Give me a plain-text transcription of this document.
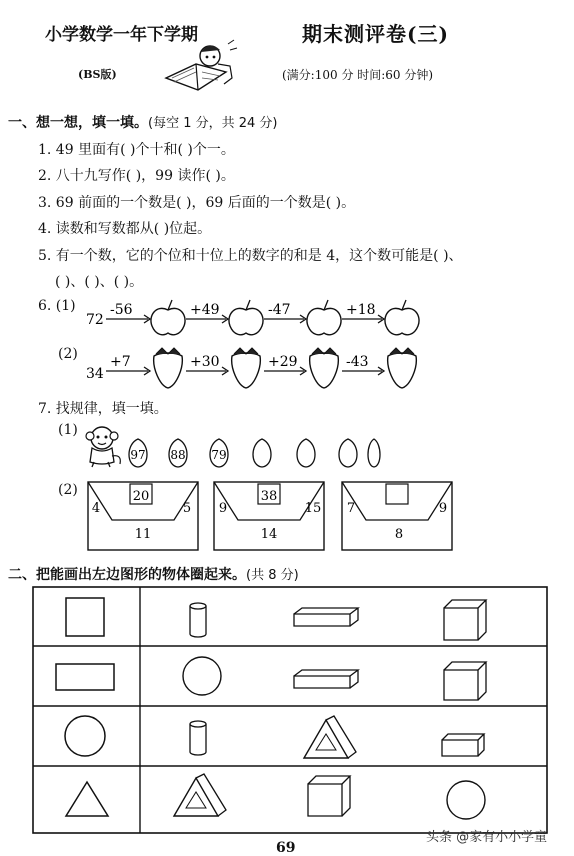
小学数学一年下学期	期末测评卷(三)
(BS版)	(满分:100 分 时间:60 分钟)
一、想一想，填一填。(每空 1 分，共 24 分)
1. 49 里面有( )个十和( )个一。
2. 八十九写作( )，99 读作( )。
3. 69 前面的一个数是( )，69 后面的一个数是( )。
4. 读数和写数都从( )位起。
5. 有一个数，它的个位和十位上的数字的和是 4，这个数可能是( )、
( )、( )、( )。
6. (1)
72
-56	+49	-47	+18
(2)
34
+7	+30	+29	-43
7. 找规律，填一填。
(1)
97 88 79
(2)	20
4	5
11
38
9	15
14
7	9
8
二、把能画出左边图形的物体圈起来。(共 8 分)
69
头条 @家有小小学童
